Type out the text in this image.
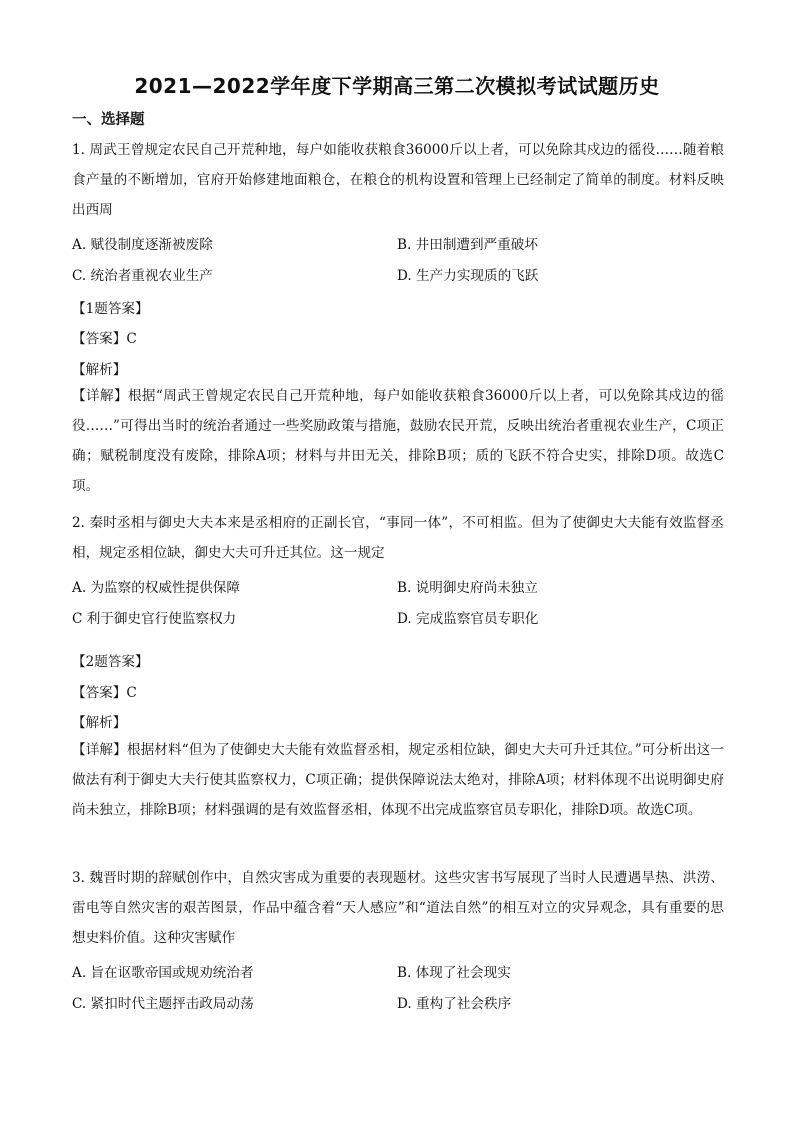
2021—2022学年度下学期高三第二次模拟考试试题历史
一、选择题
1. 周武王曾规定农民自己开荒种地，每户如能收获粮食36000斤以上者，可以免除其戍边的徭役……随着粮食产量的不断增加，官府开始修建地面粮仓，在粮仓的机构设置和管理上已经制定了简单的制度。材料反映出西周
A. 赋役制度逐渐被废除	B. 井田制遭到严重破坏
C. 统治者重视农业生产	D. 生产力实现质的飞跃
【1题答案】
【答案】C
【解析】
【详解】根据“周武王曾规定农民自己开荒种地，每户如能收获粮食36000斤以上者，可以免除其戍边的徭役……”可得出当时的统治者通过一些奖励政策与措施，鼓励农民开荒，反映出统治者重视农业生产，C项正确；赋税制度没有废除，排除A项；材料与井田无关，排除B项；质的飞跃不符合史实，排除D项。故选C项。
2. 秦时丞相与御史大夫本来是丞相府的正副长官，“事同一体”，不可相监。但为了使御史大夫能有效监督丞相，规定丞相位缺，御史大夫可升迁其位。这一规定
A. 为监察的权威性提供保障	B. 说明御史府尚未独立
C 利于御史官行使监察权力	D. 完成监察官员专职化
【2题答案】
【答案】C
【解析】
【详解】根据材料“但为了使御史大夫能有效监督丞相，规定丞相位缺，御史大夫可升迁其位。”可分析出这一做法有利于御史大夫行使其监察权力，C项正确；提供保障说法太绝对，排除A项；材料体现不出说明御史府尚未独立，排除B项；材料强调的是有效监督丞相，体现不出完成监察官员专职化，排除D项。故选C项。
3. 魏晋时期的辞赋创作中，自然灾害成为重要的表现题材。这些灾害书写展现了当时人民遭遇旱热、洪涝、雷电等自然灾害的艰苦图景，作品中蕴含着“天人感应”和“道法自然”的相互对立的灾异观念，具有重要的思想史料价值。这种灾害赋作
A. 旨在讴歌帝国或规劝统治者	B. 体现了社会现实
C. 紧扣时代主题抨击政局动荡	D. 重构了社会秩序
